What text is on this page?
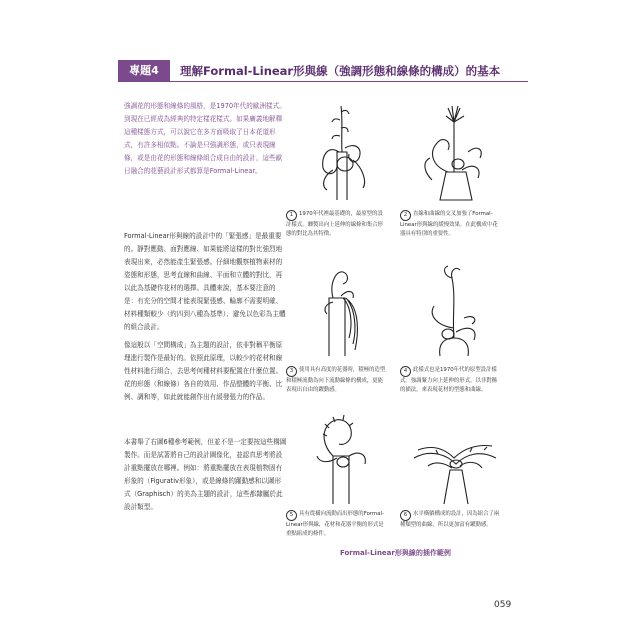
專題4	理解Formal-Linear形與線（強調形態和線條的構成）的基本
強調花的形態和線條的風格，是1970年代的歐洲樣式。到現在已經成為經典的特定樣花樣式。如果廣義地解釋這種樣態方式，可以說它在多方面吸取了日本花道形式，有許多相似點。不論是只強調形態，或只表現線條，或是由花的形態和線條組合成自由的設計，這些歐日融合的花藝設計形式都算是Formal-Linear。
Formal-Linear形與線的設計中的「緊張感」是最重要的。靜對應動、面對應線、如果能將這樣的對比強烈地表現出來，必然能產生緊張感。仔細地觀察植物素材的姿態和形態，思考直線和曲線、平面和立體的對比，再以此為基礎作花材的選擇。具體來說，基本要注意的是：有充分的空間才能表現緊張感、輪廓不需要明確、材料種類較少（約四到八種為基準）、避免以色彩為主體的組合設計。
像這般以「空間構成」為主題的設計，依非對稱平衡原理進行製作是最好的。依照此原理，以較少的花材和線性材料進行組合，去思考何種材料要配置在什麼位置。花的形態（和線條）各自的效用、作品整體的平衡、比例、調和等，如此就能創作出有緩發張力的作品。
本書舉了右圖6種參考範例，但並不是一定要按這些構圖製作。而是試著將自己的設計圖像化，並認真思考將設計重點擺放在哪裡。例如：將重點擺放在表現植物固有形象的（Figurativ形象），或是線條的躍動感和以圖形式（Graphisch）的美為主題的設計，這些都隸屬於此設計類型。
1 1970年代裡最基礎的，最原型的設計樣式。纏製出向上延伸的線條和集合形態的對比為其特徵。
2 直線和曲線的交叉加強了Formal-Linear形與線的緩慢效果。在此構成中花器具有特別的重要性。
3 使用具有高度的花器時，積極的造型和積極流動為向下流動線條的構成，更能表現出自由的躍動感。
4 此樣式也是1970年代的原型設計樣式。強調緊力向上延伸的形式，以非對稱的描法，來表現花材的型態和曲線。
5 具有從橫向流動而出形態的Formal-Linear形與線，花材和花器平衡的形式是重點組成的條件。
6 水平橫躺構成的設計，因為組合了兩種類型的曲線，所以更加富有躍動感。
Formal-Linear形與線的插作範例
059
